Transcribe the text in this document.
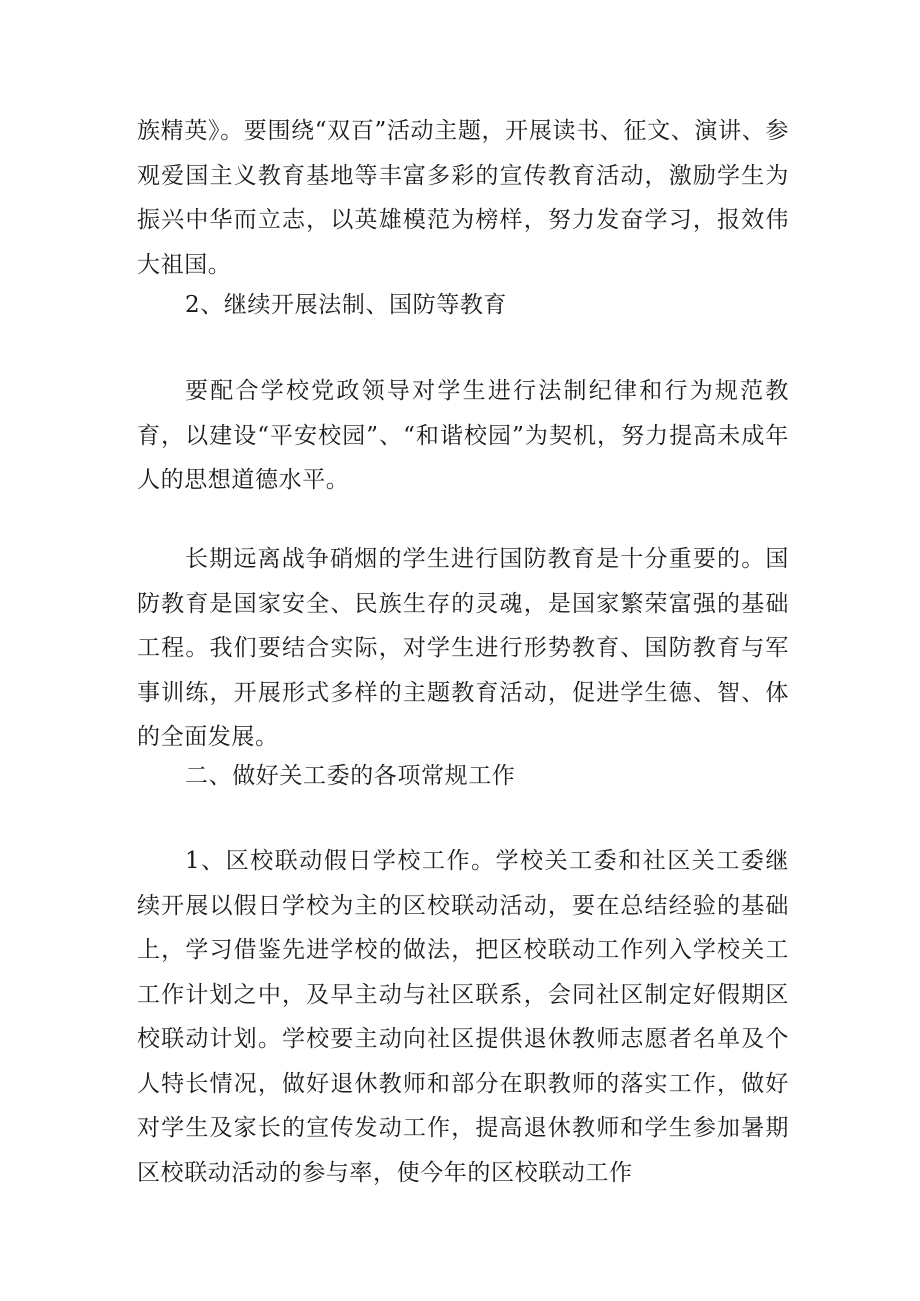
族精英》。要围绕“双百”活动主题，开展读书、征文、演讲、参观爱国主义教育基地等丰富多彩的宣传教育活动，激励学生为振兴中华而立志，以英雄模范为榜样，努力发奋学习，报效伟大祖国。

2、继续开展法制、国防等教育

要配合学校党政领导对学生进行法制纪律和行为规范教育，以建设“平安校园”、“和谐校园”为契机，努力提高未成年人的思想道德水平。

长期远离战争硝烟的学生进行国防教育是十分重要的。国防教育是国家安全、民族生存的灵魂，是国家繁荣富强的基础工程。我们要结合实际，对学生进行形势教育、国防教育与军事训练，开展形式多样的主题教育活动，促进学生德、智、体的全面发展。

二、做好关工委的各项常规工作

1、区校联动假日学校工作。学校关工委和社区关工委继续开展以假日学校为主的区校联动活动，要在总结经验的基础上，学习借鉴先进学校的做法，把区校联动工作列入学校关工工作计划之中，及早主动与社区联系，会同社区制定好假期区校联动计划。学校要主动向社区提供退休教师志愿者名单及个人特长情况，做好退休教师和部分在职教师的落实工作，做好对学生及家长的宣传发动工作，提高退休教师和学生参加暑期区校联动活动的参与率，使今年的区校联动工作
